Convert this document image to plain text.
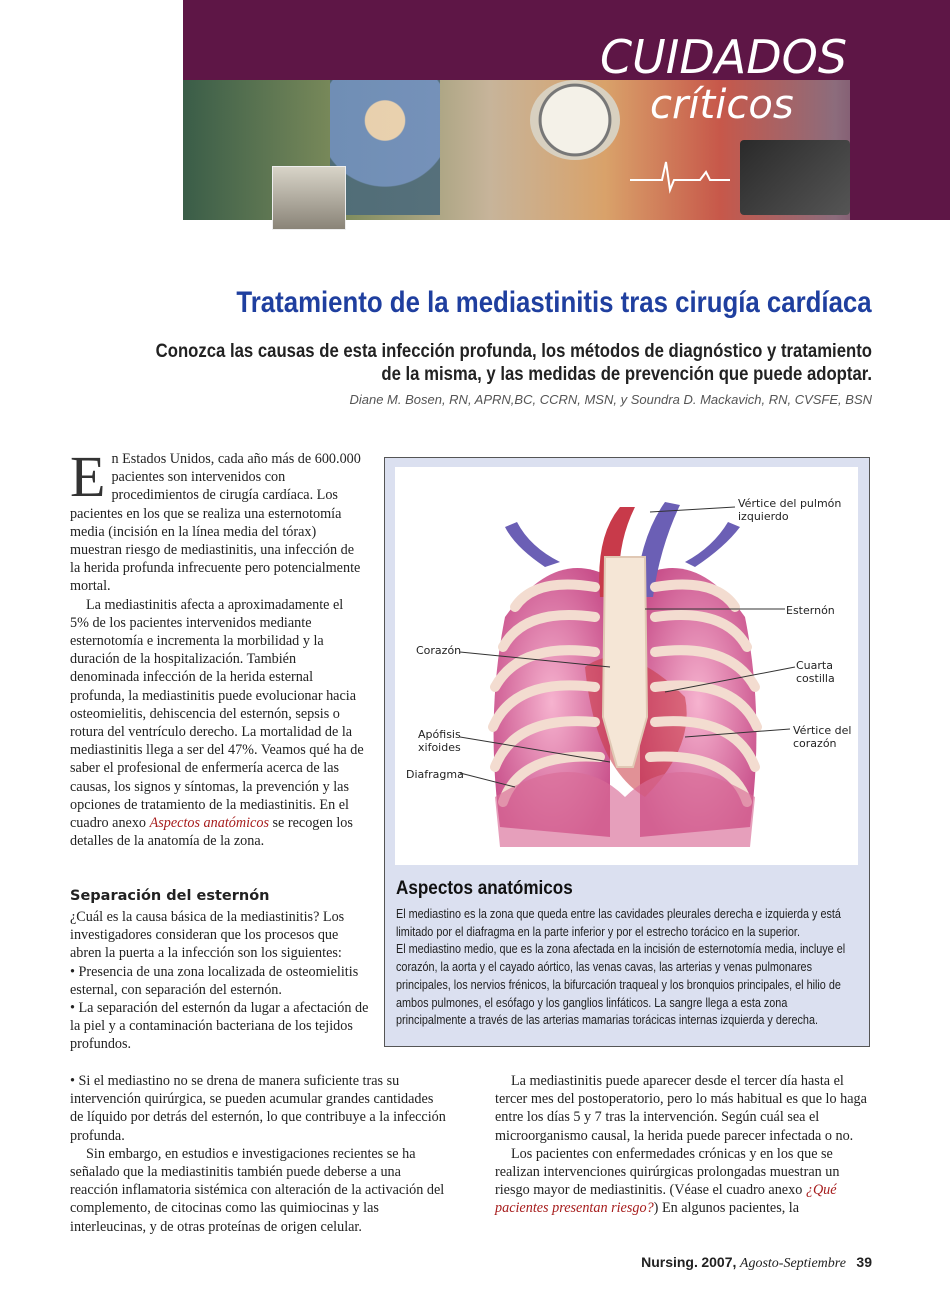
CUIDADOS
críticos
Tratamiento de la mediastinitis tras cirugía cardíaca
Conozca las causas de esta infección profunda, los métodos de diagnóstico y tratamiento
de la misma, y las medidas de prevención que puede adoptar.
Diane M. Bosen, RN, APRN,BC, CCRN, MSN, y Soundra D. Mackavich, RN, CVSFE, BSN

En Estados Unidos, cada año más de 600.000 pacientes son intervenidos con procedimientos de cirugía cardíaca. Los pacientes en los que se realiza una esternotomía media (incisión en la línea media del tórax) muestran riesgo de mediastinitis, una infección de la herida profunda infrecuente pero potencialmente mortal.

La mediastinitis afecta a aproximadamente el 5% de los pacientes intervenidos mediante esternotomía e incrementa la morbilidad y la duración de la hospitalización. También denominada infección de la herida esternal profunda, la mediastinitis puede evolucionar hacia osteomielitis, dehiscencia del esternón, sepsis o rotura del ventrículo derecho. La mortalidad de la mediastinitis llega a ser del 47%. Veamos qué ha de saber el profesional de enfermería acerca de las causas, los signos y síntomas, la prevención y las opciones de tratamiento de la mediastinitis. En el cuadro anexo Aspectos anatómicos se recogen los detalles de la anatomía de la zona.

Separación del esternón

¿Cuál es la causa básica de la mediastinitis? Los investigadores consideran que los procesos que abren la puerta a la infección son los siguientes:

• Presencia de una zona localizada de osteomielitis esternal, con separación del esternón.

• La separación del esternón da lugar a afectación de la piel y a contaminación bacteriana de los tejidos profundos.

• Si el mediastino no se drena de manera suficiente tras su intervención quirúrgica, se pueden acumular grandes cantidades de líquido por detrás del esternón, lo que contribuye a la infección profunda.

Sin embargo, en estudios e investigaciones recientes se ha señalado que la mediastinitis también puede deberse a una reacción inflamatoria sistémica con alteración de la activación del complemento, de citocinas como las quimiocinas y las interleucinas, y de otras proteínas de origen celular.

La mediastinitis puede aparecer desde el tercer día hasta el tercer mes del postoperatorio, pero lo más habitual es que lo haga entre los días 5 y 7 tras la intervención. Según cuál sea el microorganismo causal, la herida puede parecer infectada o no.

Los pacientes con enfermedades crónicas y en los que se realizan intervenciones quirúrgicas prolongadas muestran un riesgo mayor de mediastinitis. (Véase el cuadro anexo ¿Qué pacientes presentan riesgo?) En algunos pacientes, la

Vértice del pulmón
izquierdo
Esternón
Corazón
Cuarta
costilla
Apófisis
xifoides
Vértice del
corazón
Diafragma
Aspectos anatómicos

El mediastino es la zona que queda entre las cavidades pleurales derecha e izquierda y está limitado por el diafragma en la parte inferior y por el estrecho torácico en la superior.

El mediastino medio, que es la zona afectada en la incisión de esternotomía media, incluye el corazón, la aorta y el cayado aórtico, las venas cavas, las arterias y venas pulmonares principales, los nervios frénicos, la bifurcación traqueal y los bronquios principales, el hilio de ambos pulmones, el esófago y los ganglios linfáticos. La sangre llega a esta zona principalmente a través de las arterias mamarias torácicas internas izquierda y derecha.

Nursing. 2007, Agosto-Septiembre 39
